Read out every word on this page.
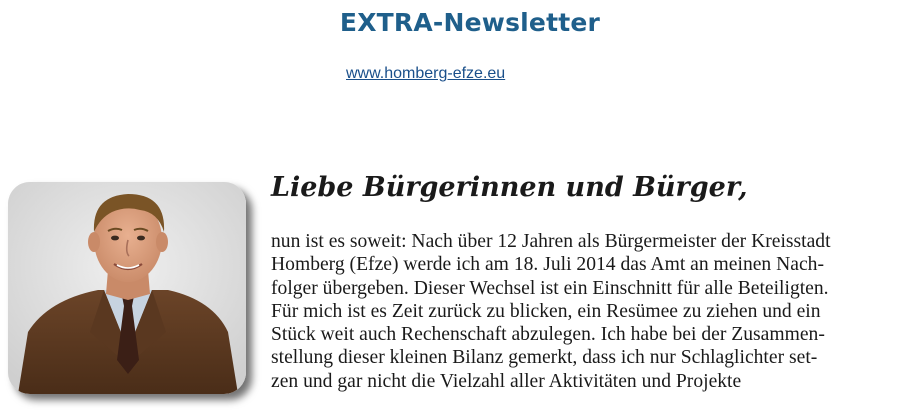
EXTRA-Newsletter
www.homberg-efze.eu
Liebe Bürgerinnen und Bürger,

nun ist es soweit: Nach über 12 Jahren als Bürgermeister der Kreisstadt
Homberg (Efze) werde ich am 18. Juli 2014 das Amt an meinen Nach-
folger übergeben. Dieser Wechsel ist ein Einschnitt für alle Beteiligten.
Für mich ist es Zeit zurück zu blicken, ein Resümee zu ziehen und ein
Stück weit auch Rechenschaft abzulegen. Ich habe bei der Zusammen-
stellung dieser kleinen Bilanz gemerkt, dass ich nur Schlaglichter set-
zen und gar nicht die Vielzahl aller Aktivitäten und Projekte
